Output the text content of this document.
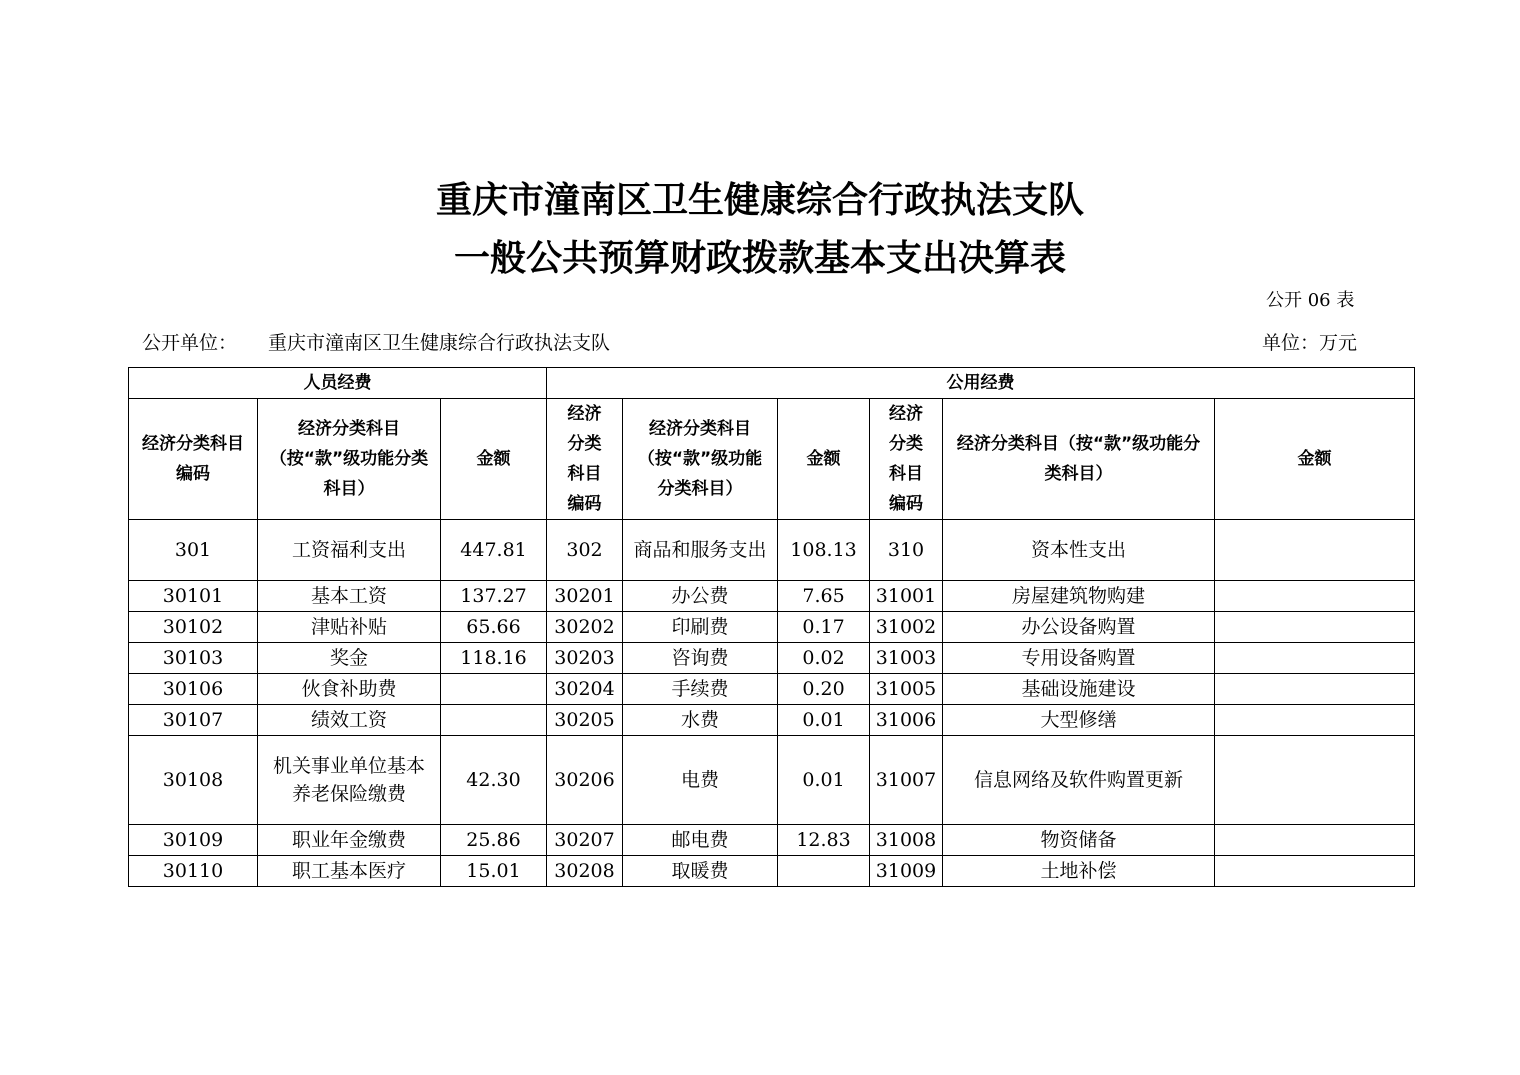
重庆市潼南区卫生健康综合行政执法支队
一般公共预算财政拨款基本支出决算表
公开 06 表
公开单位： 重庆市潼南区卫生健康综合行政执法支队	单位：万元
人员经费			公用经费					
经济分类科目编码	经济分类科目（按“款”级功能分类科目）	金额	经济分类科目编码	经济分类科目（按“款”级功能分类科目）	金额	经济分类科目编码	经济分类科目（按“款”级功能分类科目）	金额
301	工资福利支出	447.81	302	商品和服务支出	108.13	310	资本性支出	
30101	基本工资	137.27	30201	办公费	7.65	31001	房屋建筑物购建	
30102	津贴补贴	65.66	30202	印刷费	0.17	31002	办公设备购置	
30103	奖金	118.16	30203	咨询费	0.02	31003	专用设备购置	
30106	伙食补助费		30204	手续费	0.20	31005	基础设施建设	
30107	绩效工资		30205	水费	0.01	31006	大型修缮	
30108	机关事业单位基本养老保险缴费	42.30	30206	电费	0.01	31007	信息网络及软件购置更新	
30109	职业年金缴费	25.86	30207	邮电费	12.83	31008	物资储备	
30110	职工基本医疗	15.01	30208	取暖费		31009	土地补偿	
